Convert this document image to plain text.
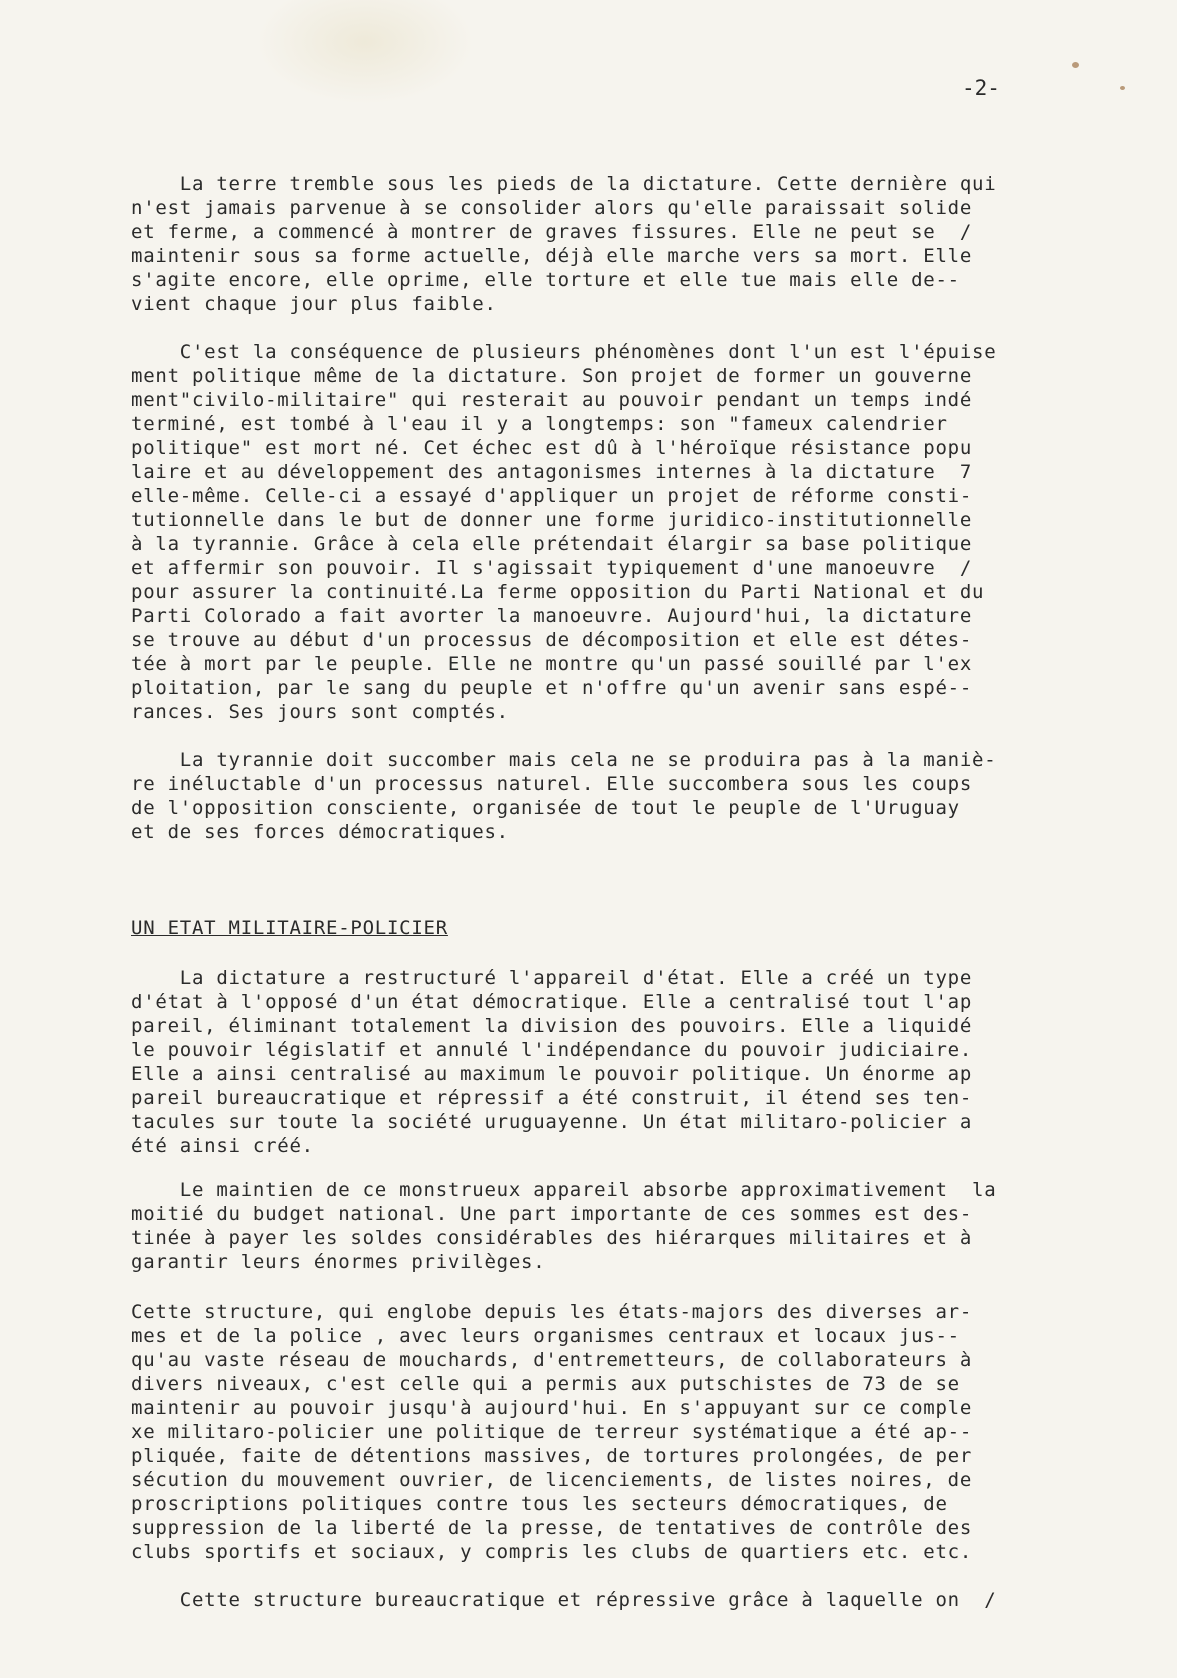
-2-
La terre tremble sous les pieds de la dictature. Cette dernière qui
n'est jamais parvenue à se consolider alors qu'elle paraissait solide
et ferme, a commencé à montrer de graves fissures. Elle ne peut se  /
maintenir sous sa forme actuelle, déjà elle marche vers sa mort. Elle
s'agite encore, elle oprime, elle torture et elle tue mais elle de--
vient chaque jour plus faible.
C'est la conséquence de plusieurs phénomènes dont l'un est l'épuise
ment politique même de la dictature. Son projet de former un gouverne
ment"civilo-militaire" qui resterait au pouvoir pendant un temps indé
terminé, est tombé à l'eau il y a longtemps: son "fameux calendrier
politique" est mort né. Cet échec est dû à l'héroïque résistance popu
laire et au développement des antagonismes internes à la dictature  7
elle-même. Celle-ci a essayé d'appliquer un projet de réforme consti-
tutionnelle dans le but de donner une forme juridico-institutionnelle
à la tyrannie. Grâce à cela elle prétendait élargir sa base politique
et affermir son pouvoir. Il s'agissait typiquement d'une manoeuvre  /
pour assurer la continuité.La ferme opposition du Parti National et du
Parti Colorado a fait avorter la manoeuvre. Aujourd'hui, la dictature
se trouve au début d'un processus de décomposition et elle est détes-
tée à mort par le peuple. Elle ne montre qu'un passé souillé par l'ex
ploitation, par le sang du peuple et n'offre qu'un avenir sans espé--
rances. Ses jours sont comptés.
La tyrannie doit succomber mais cela ne se produira pas à la maniè-
re inéluctable d'un processus naturel. Elle succombera sous les coups
de l'opposition consciente, organisée de tout le peuple de l'Uruguay
et de ses forces démocratiques.
UN ETAT MILITAIRE-POLICIER
La dictature a restructuré l'appareil d'état. Elle a créé un type
d'état à l'opposé d'un état démocratique. Elle a centralisé tout l'ap
pareil, éliminant totalement la division des pouvoirs. Elle a liquidé
le pouvoir législatif et annulé l'indépendance du pouvoir judiciaire.
Elle a ainsi centralisé au maximum le pouvoir politique. Un énorme ap
pareil bureaucratique et répressif a été construit, il étend ses ten-
tacules sur toute la société uruguayenne. Un état militaro-policier a
été ainsi créé.
Le maintien de ce monstrueux appareil absorbe approximativement  la
moitié du budget national. Une part importante de ces sommes est des-
tinée à payer les soldes considérables des hiérarques militaires et à
garantir leurs énormes privilèges.
Cette structure, qui englobe depuis les états-majors des diverses ar-
mes et de la police , avec leurs organismes centraux et locaux jus--
qu'au vaste réseau de mouchards, d'entremetteurs, de collaborateurs à
divers niveaux, c'est celle qui a permis aux putschistes de 73 de se
maintenir au pouvoir jusqu'à aujourd'hui. En s'appuyant sur ce comple
xe militaro-policier une politique de terreur systématique a été ap--
pliquée, faite de détentions massives, de tortures prolongées, de per
sécution du mouvement ouvrier, de licenciements, de listes noires, de
proscriptions politiques contre tous les secteurs démocratiques, de
suppression de la liberté de la presse, de tentatives de contrôle des
clubs sportifs et sociaux, y compris les clubs de quartiers etc. etc.
Cette structure bureaucratique et répressive grâce à laquelle on  /
